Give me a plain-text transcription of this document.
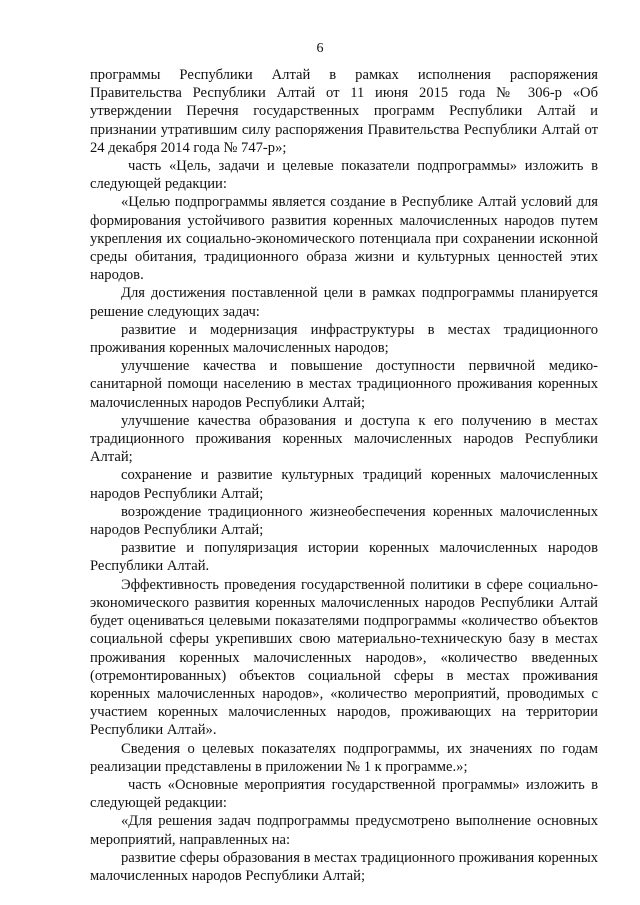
6

программы Республики Алтай в рамках исполнения распоряжения Правительства Республики Алтай от 11 июня 2015 года № 306-р «Об утверждении Перечня государственных программ Республики Алтай и признании утратившим силу распоряжения Правительства Республики Алтай от 24 декабря 2014 года № 747-р»;

часть «Цель, задачи и целевые показатели подпрограммы» изложить в следующей редакции:

«Целью подпрограммы является создание в Республике Алтай условий для формирования устойчивого развития коренных малочисленных народов путем укрепления их социально-экономического потенциала при сохранении исконной среды обитания, традиционного образа жизни и культурных ценностей этих народов.

Для достижения поставленной цели в рамках подпрограммы планируется решение следующих задач:

развитие и модернизация инфраструктуры в местах традиционного проживания коренных малочисленных народов;

улучшение качества и повышение доступности первичной медико-санитарной помощи населению в местах традиционного проживания коренных малочисленных народов Республики Алтай;

улучшение качества образования и доступа к его получению в местах традиционного проживания коренных малочисленных народов Республики Алтай;

сохранение и развитие культурных традиций коренных малочисленных народов Республики Алтай;

возрождение традиционного жизнеобеспечения коренных малочисленных народов Республики Алтай;

развитие и популяризация истории коренных малочисленных народов Республики Алтай.

Эффективность проведения государственной политики в сфере социально-экономического развития коренных малочисленных народов Республики Алтай будет оцениваться целевыми показателями подпрограммы «количество объектов социальной сферы укрепивших свою материально-техническую базу в местах проживания коренных малочисленных народов», «количество введенных (отремонтированных) объектов социальной сферы в местах проживания коренных малочисленных народов», «количество мероприятий, проводимых с участием коренных малочисленных народов, проживающих на территории Республики Алтай».

Сведения о целевых показателях подпрограммы, их значениях по годам реализации представлены в приложении № 1 к программе.»;

часть «Основные мероприятия государственной программы» изложить в следующей редакции:

«Для решения задач подпрограммы предусмотрено выполнение основных мероприятий, направленных на:

развитие сферы образования в местах традиционного проживания коренных малочисленных народов Республики Алтай;
